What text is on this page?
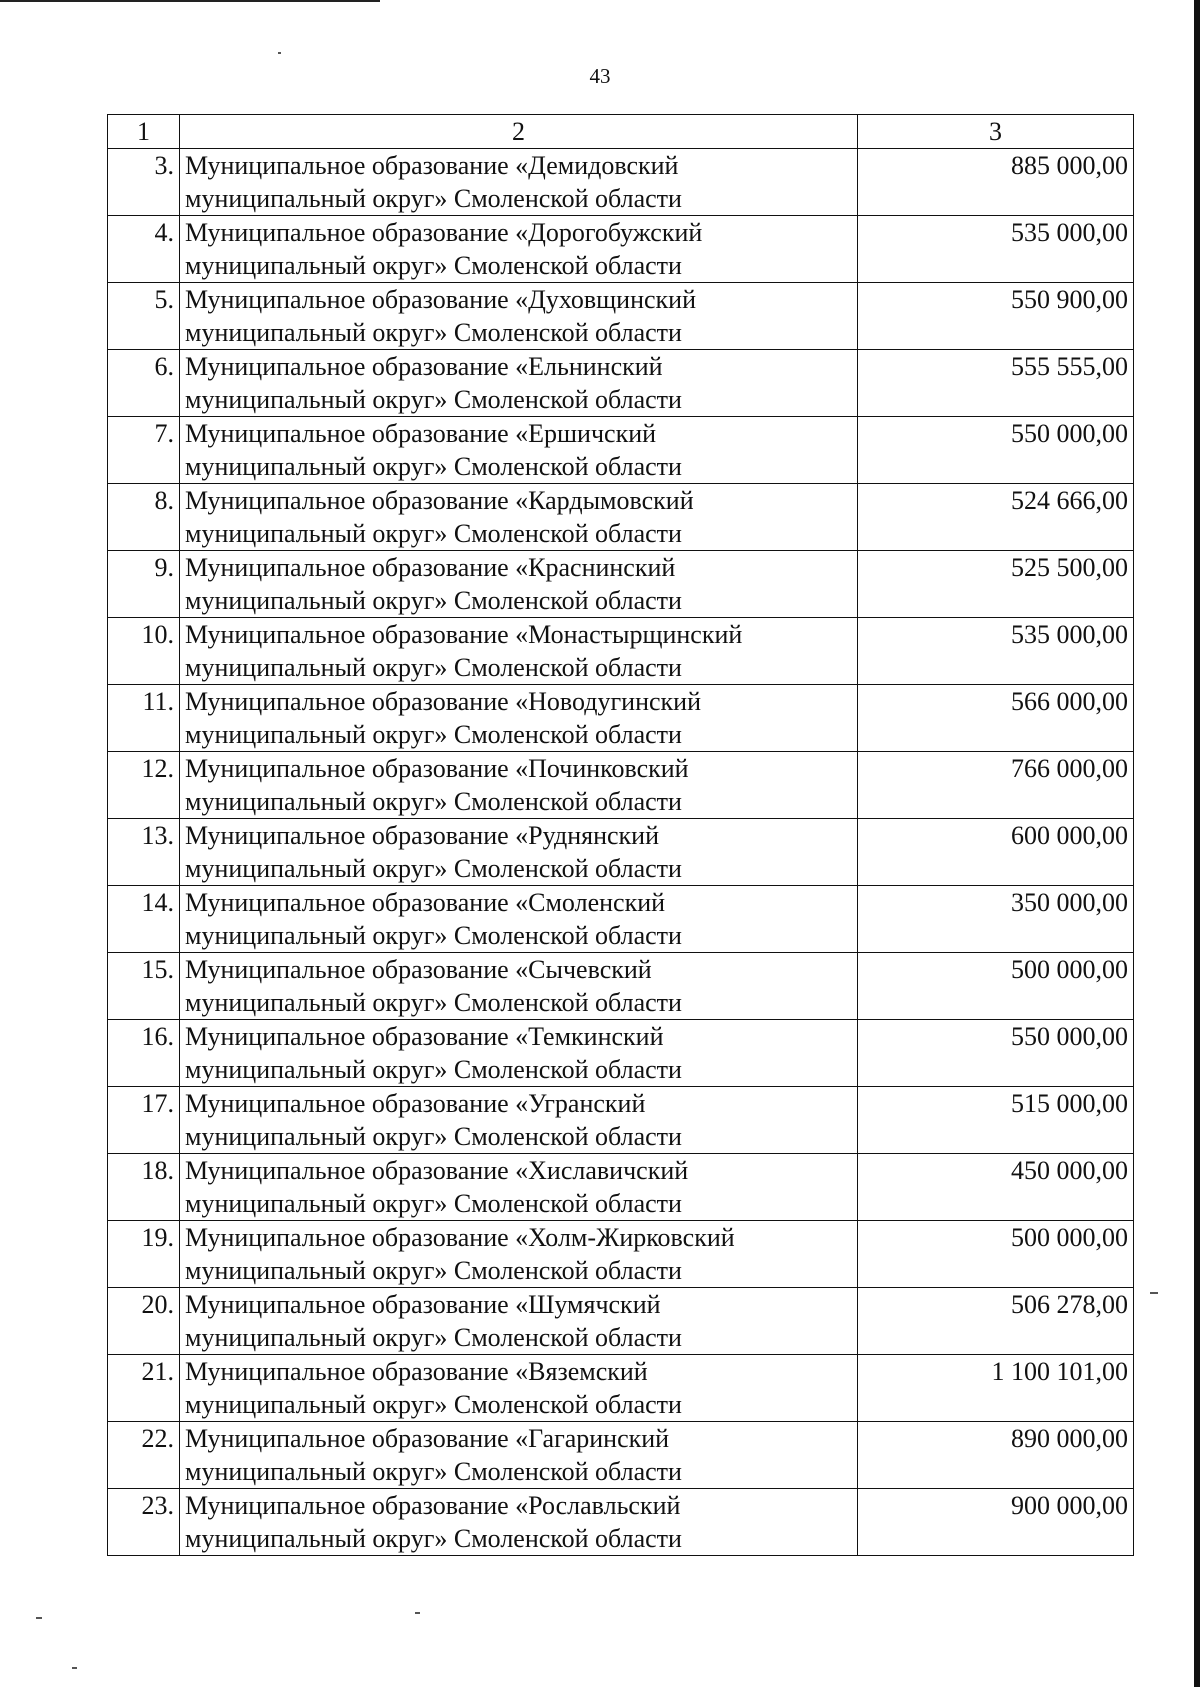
43
1	2	3
3.	Муниципальное образование «Демидовский
муниципальный округ» Смоленской области	885 000,00
4.	Муниципальное образование «Дорогобужский
муниципальный округ» Смоленской области	535 000,00
5.	Муниципальное образование «Духовщинский
муниципальный округ» Смоленской области	550 900,00
6.	Муниципальное образование «Ельнинский
муниципальный округ» Смоленской области	555 555,00
7.	Муниципальное образование «Ершичский
муниципальный округ» Смоленской области	550 000,00
8.	Муниципальное образование «Кардымовский
муниципальный округ» Смоленской области	524 666,00
9.	Муниципальное образование «Краснинский
муниципальный округ» Смоленской области	525 500,00
10.	Муниципальное образование «Монастырщинский
муниципальный округ» Смоленской области	535 000,00
11.	Муниципальное образование «Новодугинский
муниципальный округ» Смоленской области	566 000,00
12.	Муниципальное образование «Починковский
муниципальный округ» Смоленской области	766 000,00
13.	Муниципальное образование «Руднянский
муниципальный округ» Смоленской области	600 000,00
14.	Муниципальное образование «Смоленский
муниципальный округ» Смоленской области	350 000,00
15.	Муниципальное образование «Сычевский
муниципальный округ» Смоленской области	500 000,00
16.	Муниципальное образование «Темкинский
муниципальный округ» Смоленской области	550 000,00
17.	Муниципальное образование «Угранский
муниципальный округ» Смоленской области	515 000,00
18.	Муниципальное образование «Хиславичский
муниципальный округ» Смоленской области	450 000,00
19.	Муниципальное образование «Холм-Жирковский
муниципальный округ» Смоленской области	500 000,00
20.	Муниципальное образование «Шумячский
муниципальный округ» Смоленской области	506 278,00
21.	Муниципальное образование «Вяземский
муниципальный округ» Смоленской области	1 100 101,00
22.	Муниципальное образование «Гагаринский
муниципальный округ» Смоленской области	890 000,00
23.	Муниципальное образование «Рославльский
муниципальный округ» Смоленской области	900 000,00
